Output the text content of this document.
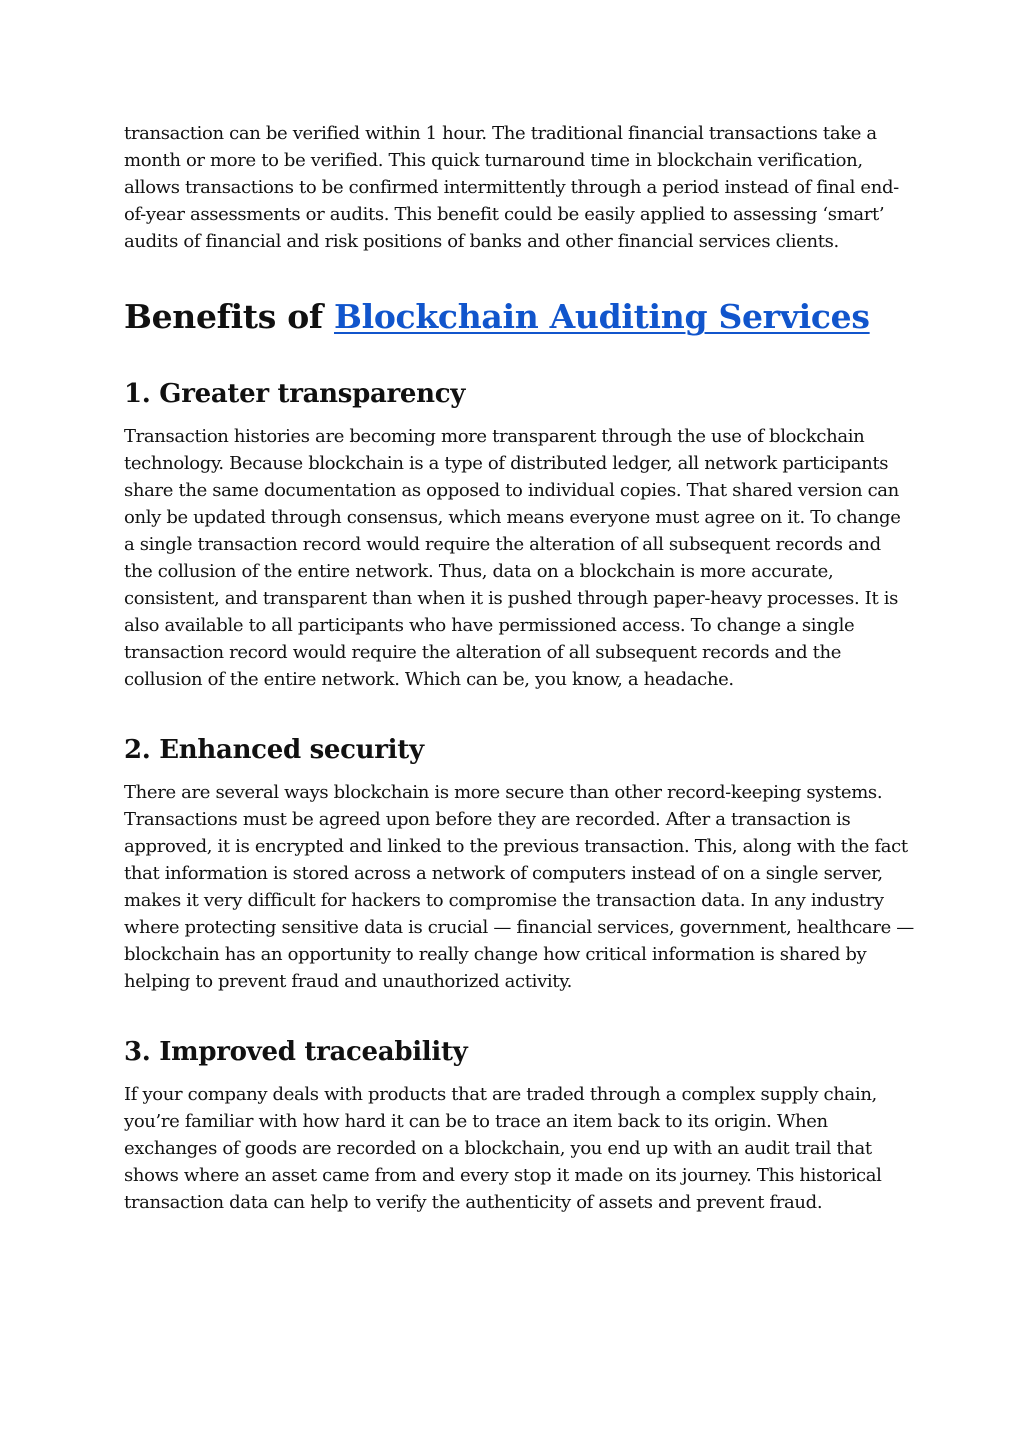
transaction can be verified within 1 hour. The traditional financial transactions take a month or more to be verified. This quick turnaround time in blockchain verification, allows transactions to be confirmed intermittently through a period instead of final end-of-year assessments or audits. This benefit could be easily applied to assessing ‘smart’ audits of financial and risk positions of banks and other financial services clients.

Benefits of Blockchain Auditing Services
1. Greater transparency

Transaction histories are becoming more transparent through the use of blockchain technology. Because blockchain is a type of distributed ledger, all network participants share the same documentation as opposed to individual copies. That shared version can only be updated through consensus, which means everyone must agree on it. To change a single transaction record would require the alteration of all subsequent records and the collusion of the entire network. Thus, data on a blockchain is more accurate, consistent, and transparent than when it is pushed through paper-heavy processes. It is also available to all participants who have permissioned access. To change a single transaction record would require the alteration of all subsequent records and the collusion of the entire network. Which can be, you know, a headache.

2. Enhanced security

There are several ways blockchain is more secure than other record-keeping systems. Transactions must be agreed upon before they are recorded. After a transaction is approved, it is encrypted and linked to the previous transaction. This, along with the fact that information is stored across a network of computers instead of on a single server, makes it very difficult for hackers to compromise the transaction data. In any industry where protecting sensitive data is crucial — financial services, government, healthcare — blockchain has an opportunity to really change how critical information is shared by helping to prevent fraud and unauthorized activity.

3. Improved traceability

If your company deals with products that are traded through a complex supply chain, you’re familiar with how hard it can be to trace an item back to its origin. When exchanges of goods are recorded on a blockchain, you end up with an audit trail that shows where an asset came from and every stop it made on its journey. This historical transaction data can help to verify the authenticity of assets and prevent fraud.
